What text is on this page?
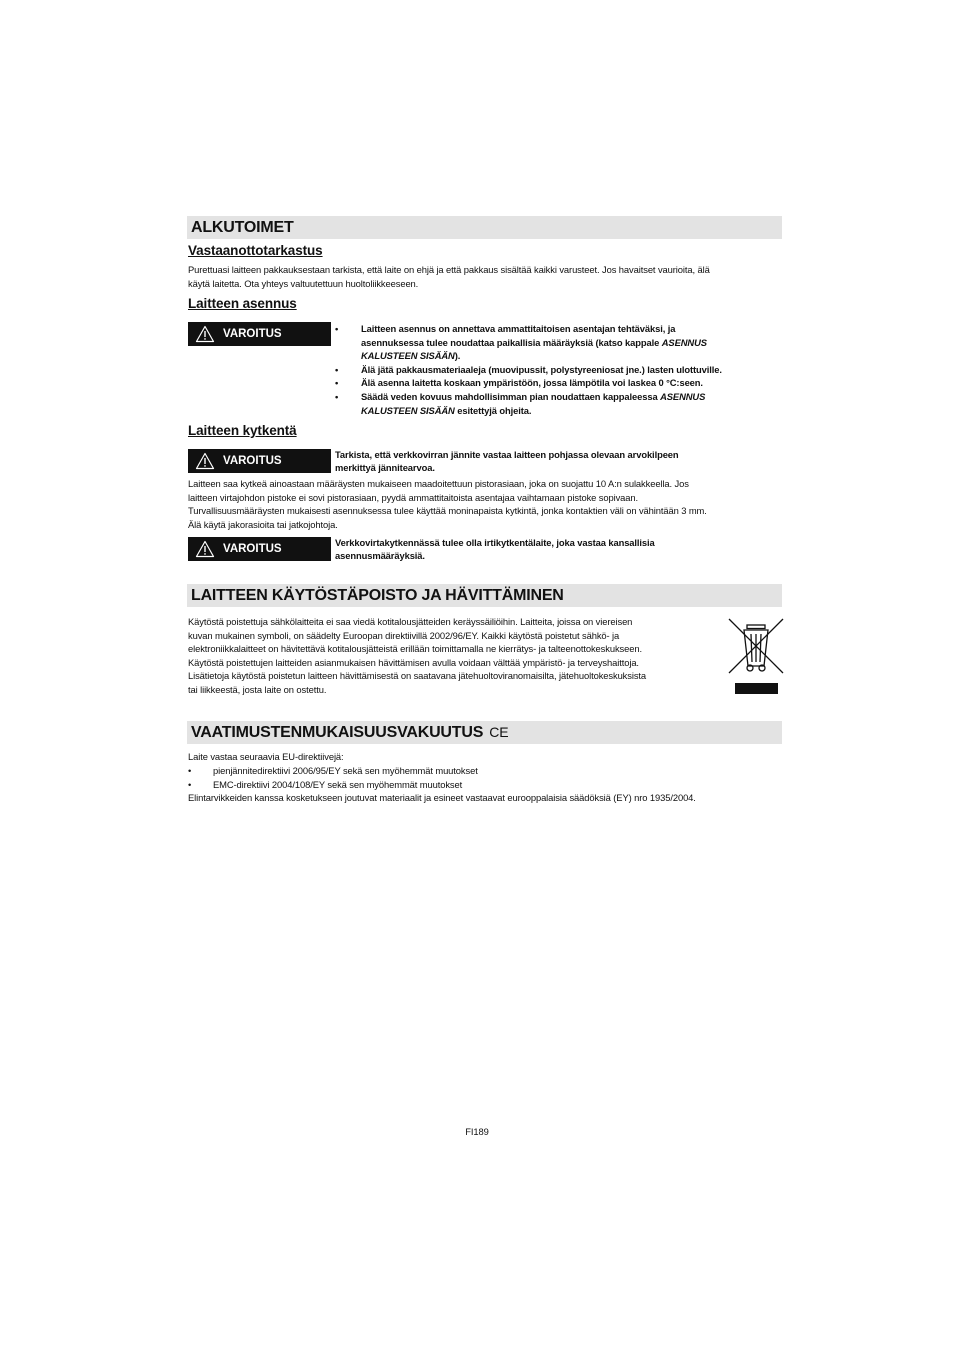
ALKUTOIMET
Vastaanottotarkastus
Purettuasi laitteen pakkauksestaan tarkista, että laite on ehjä ja että pakkaus sisältää kaikki varusteet. Jos havaitset vaurioita, älä
käytä laitetta. Ota yhteys valtuutettuun huoltoliikkeeseen.
Laitteen asennus
VAROITUS	• Laitteen asennus on annettava ammattitaitoisen asentajan tehtäväksi, ja
asennuksessa tulee noudattaa paikallisia määräyksiä (katso kappale ASENNUS
KALUSTEEN SISÄÄN).
• Älä jätä pakkausmateriaaleja (muovipussit, polystyreeniosat jne.) lasten ulottuville.
• Älä asenna laitetta koskaan ympäristöön, jossa lämpötila voi laskea 0 °C:seen.
• Säädä veden kovuus mahdollisimman pian noudattaen kappaleessa ASENNUS
KALUSTEEN SISÄÄN esitettyjä ohjeita.
Laitteen kytkentä
VAROITUS
Tarkista, että verkkovirran jännite vastaa laitteen pohjassa olevaan arvokilpeen
merkittyä jännitearvoa.
Laitteen saa kytkeä ainoastaan määräysten mukaiseen maadoitettuun pistorasiaan, joka on suojattu 10 A:n sulakkeella. Jos
laitteen virtajohdon pistoke ei sovi pistorasiaan, pyydä ammattitaitoista asentajaa vaihtamaan pistoke sopivaan.
Turvallisuusmääräysten mukaisesti asennuksessa tulee käyttää moninapaista kytkintä, jonka kontaktien väli on vähintään 3 mm.
Älä käytä jakorasioita tai jatkojohtoja.
VAROITUS
Verkkovirtakytkennässä tulee olla irtikytkentälaite, joka vastaa kansallisia
asennusmääräyksiä.
LAITTEEN KÄYTÖSTÄPOISTO JA HÄVITTÄMINEN
Käytöstä poistettuja sähkölaitteita ei saa viedä kotitalousjätteiden keräyssäiliöihin. Laitteita, joissa on viereisen
kuvan mukainen symboli, on säädelty Euroopan direktiivillä 2002/96/EY. Kaikki käytöstä poistetut sähkö- ja
elektroniikkalaitteet on hävitettävä kotitalousjätteistä erillään toimittamalla ne kierrätys- ja talteenottokeskukseen.
Käytöstä poistettujen laitteiden asianmukaisen hävittämisen avulla voidaan välttää ympäristö- ja terveyshaittoja.
Lisätietoja käytöstä poistetun laitteen hävittämisestä on saatavana jätehuoltoviranomaisilta, jätehuoltokeskuksista
tai liikkeestä, josta laite on ostettu.
VAATIMUSTENMUKAISUUSVAKUUTUS CE
Laite vastaa seuraavia EU-direktiivejä:
• pienjännitedirektiivi 2006/95/EY sekä sen myöhemmät muutokset
• EMC-direktiivi 2004/108/EY sekä sen myöhemmät muutokset
Elintarvikkeiden kanssa kosketukseen joutuvat materiaalit ja esineet vastaavat eurooppalaisia säädöksiä (EY) nro 1935/2004.
FI189
